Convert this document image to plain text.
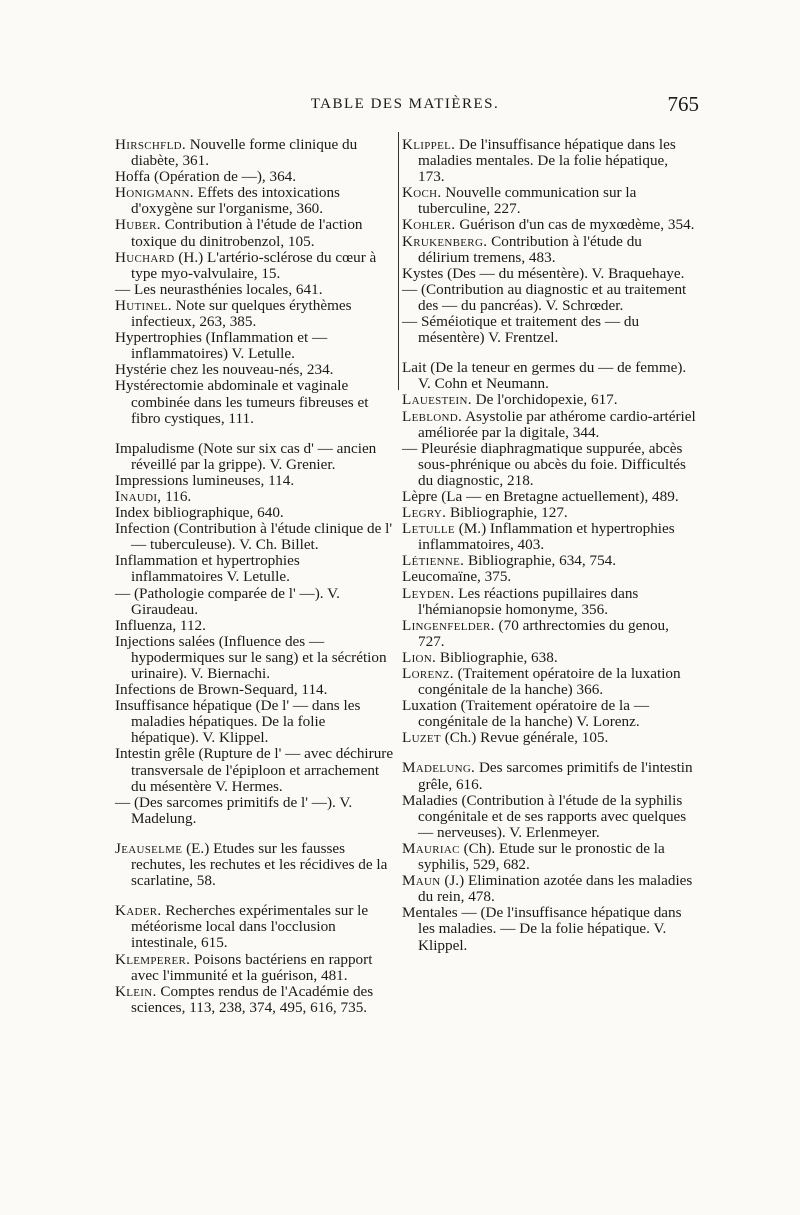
TABLE DES MATIÈRES.	765
Hirschfld. Nouvelle forme clinique du diabète, 361.
Hoffa (Opération de —), 364.
Honigmann. Effets des intoxications d'oxygène sur l'organisme, 360.
Huber. Contribution à l'étude de l'action toxique du dinitrobenzol, 105.
Huchard (H.) L'artério-sclérose du cœur à type myo-valvulaire, 15.
— Les neurasthénies locales, 641.
Hutinel. Note sur quelques érythèmes infectieux, 263, 385.
Hypertrophies (Inflammation et — inflammatoires) V. Letulle.
Hystérie chez les nouveau-nés, 234.
Hystérectomie abdominale et vaginale combinée dans les tumeurs fibreuses et fibro cystiques, 111.
Impaludisme (Note sur six cas d' — ancien réveillé par la grippe). V. Grenier.
Impressions lumineuses, 114.
Inaudi, 116.
Index bibliographique, 640.
Infection (Contribution à l'étude clinique de l' — tuberculeuse). V. Ch. Billet.
Inflammation et hypertrophies inflammatoires V. Letulle.
— (Pathologie comparée de l' —). V. Giraudeau.
Influenza, 112.
Injections salées (Influence des — hypodermiques sur le sang) et la sécrétion urinaire). V. Biernachi.
Infections de Brown-Sequard, 114.
Insuffisance hépatique (De l' — dans les maladies hépatiques. De la folie hépatique). V. Klippel.
Intestin grêle (Rupture de l' — avec déchirure transversale de l'épiploon et arrachement du mésentère V. Hermes.
— (Des sarcomes primitifs de l' —). V. Madelung.
Jeauselme (E.) Etudes sur les fausses rechutes, les rechutes et les récidives de la scarlatine, 58.
Kader. Recherches expérimentales sur le météorisme local dans l'occlusion intestinale, 615.
Klemperer. Poisons bactériens en rapport avec l'immunité et la guérison, 481.
Klein. Comptes rendus de l'Académie des sciences, 113, 238, 374, 495, 616, 735.
Klippel. De l'insuffisance hépatique dans les maladies mentales. De la folie hépatique, 173.
Koch. Nouvelle communication sur la tuberculine, 227.
Kohler. Guérison d'un cas de myxœdème, 354.
Krukenberg. Contribution à l'étude du délirium tremens, 483.
Kystes (Des — du mésentère). V. Braquehaye.
— (Contribution au diagnostic et au traitement des — du pancréas). V. Schrœder.
— Séméiotique et traitement des — du mésentère) V. Frentzel.
Lait (De la teneur en germes du — de femme). V. Cohn et Neumann.
Lauestein. De l'orchidopexie, 617.
Leblond. Asystolie par athérome cardio-artériel améliorée par la digitale, 344.
— Pleurésie diaphragmatique suppurée, abcès sous-phrénique ou abcès du foie. Difficultés du diagnostic, 218.
Lèpre (La — en Bretagne actuellement), 489.
Legry. Bibliographie, 127.
Letulle (M.) Inflammation et hypertrophies inflammatoires, 403.
Létienne. Bibliographie, 634, 754.
Leucomaïne, 375.
Leyden. Les réactions pupillaires dans l'hémianopsie homonyme, 356.
Lingenfelder. (70 arthrectomies du genou, 727.
Lion. Bibliographie, 638.
Lorenz. (Traitement opératoire de la luxation congénitale de la hanche) 366.
Luxation (Traitement opératoire de la — congénitale de la hanche) V. Lorenz.
Luzet (Ch.) Revue générale, 105.
Madelung. Des sarcomes primitifs de l'intestin grêle, 616.
Maladies (Contribution à l'étude de la syphilis congénitale et de ses rapports avec quelques — nerveuses). V. Erlenmeyer.
Mauriac (Ch). Etude sur le pronostic de la syphilis, 529, 682.
Maun (J.) Elimination azotée dans les maladies du rein, 478.
Mentales — (De l'insuffisance hépatique dans les maladies. — De la folie hépatique. V. Klippel.
